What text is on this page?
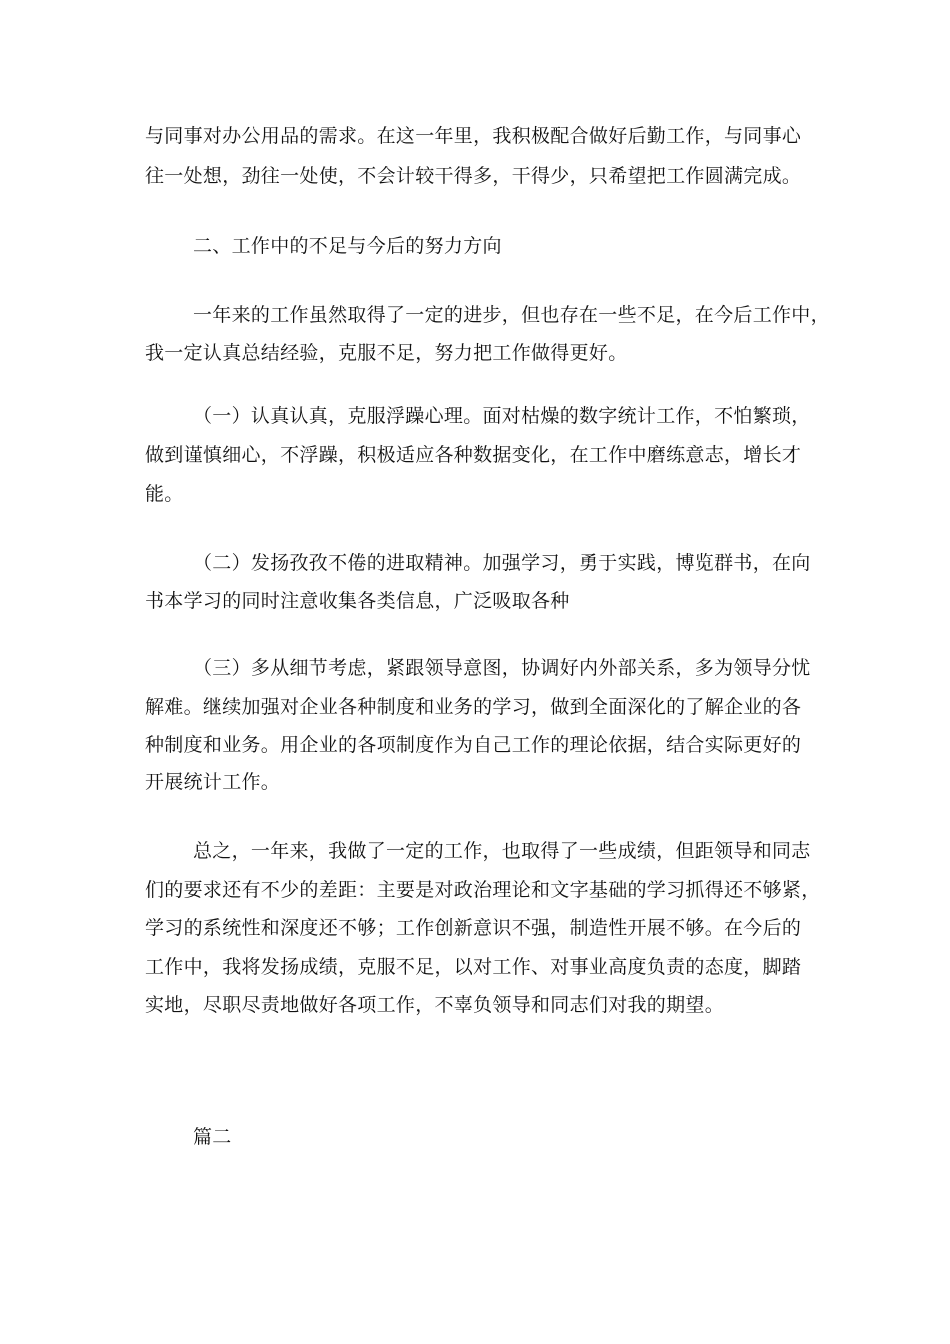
与同事对办公用品的需求。在这一年里，我积极配合做好后勤工作，与同事心
往一处想，劲往一处使，不会计较干得多，干得少，只希望把工作圆满完成。
二、工作中的不足与今后的努力方向
一年来的工作虽然取得了一定的进步，但也存在一些不足，在今后工作中，
我一定认真总结经验，克服不足，努力把工作做得更好。
（一）认真认真，克服浮躁心理。面对枯燥的数字统计工作，不怕繁琐，
做到谨慎细心，不浮躁，积极适应各种数据变化，在工作中磨练意志，增长才
能。
（二）发扬孜孜不倦的进取精神。加强学习，勇于实践，博览群书，在向
书本学习的同时注意收集各类信息，广泛吸取各种
（三）多从细节考虑，紧跟领导意图，协调好内外部关系，多为领导分忧
解难。继续加强对企业各种制度和业务的学习，做到全面深化的了解企业的各
种制度和业务。用企业的各项制度作为自己工作的理论依据，结合实际更好的
开展统计工作。
总之，一年来，我做了一定的工作，也取得了一些成绩，但距领导和同志
们的要求还有不少的差距：主要是对政治理论和文字基础的学习抓得还不够紧，
学习的系统性和深度还不够；工作创新意识不强，制造性开展不够。在今后的
工作中，我将发扬成绩，克服不足，以对工作、对事业高度负责的态度，脚踏
实地，尽职尽责地做好各项工作，不辜负领导和同志们对我的期望。
篇二
